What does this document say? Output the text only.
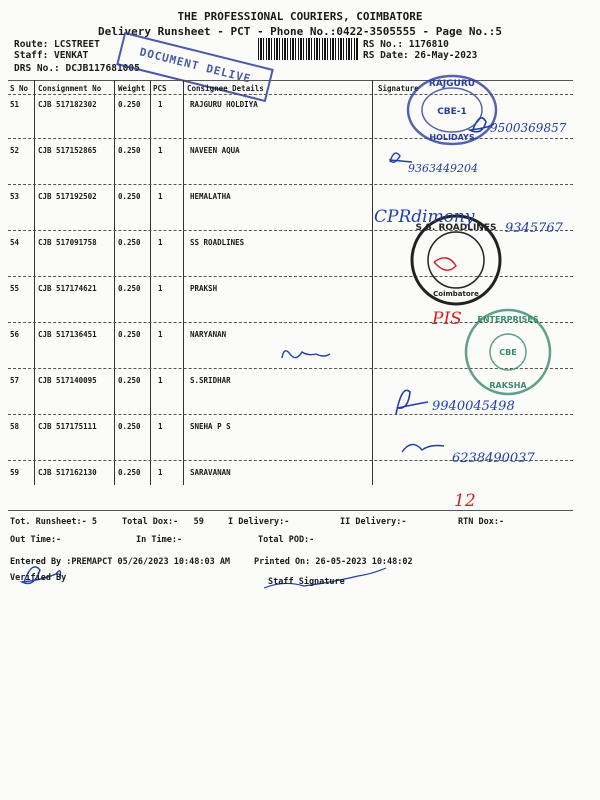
THE PROFESSIONAL COURIERS, COIMBATORE
Delivery Runsheet - PCT - Phone No.:0422-3505555 - Page No.:5
Route: LCSTREET
Staff: VENKAT
DRS No.: DCJB117681005
RS No.: 1176810
RS Date: 26-May-2023
DOCUMENT DELIVE
S No Consignment No Weight PCS	Consignee Details	Signature
51	CJB 517182302	0.250 1	RAJGURU HOLDIYA
52	CJB 517152865	0.250 1	NAVEEN AQUA
53	CJB 517192502	0.250 1	HEMALATHA
54	CJB 517091758	0.250 1	SS ROADLINES
55	CJB 517174621	0.250 1	PRAKSH
56	CJB 517136451	0.250 1	NARYANAN
57	CJB 517140095	0.250 1	S.SRIDHAR
58	CJB 517175111	0.250 1	SNEHA P S
59	CJB 517162130	0.250 1	SARAVANAN
RAJGURU
CBE-1
HOLIDAYS
S.S. ROADLINES
Coimbatore
ENTERPRISES
CBE
RAKSHA
9500369857
9363449204
CPRdimony
9345767
PIS
9940045498
6238490037
12
Tot. Runsheet:- 5	Total Dox:-   59	I Delivery:-	II Delivery:-	RTN Dox:-
Out Time:-	In Time:-	Total POD:-
Entered By :PREMAPCT 05/26/2023 10:48:03 AM	Printed On: 26-05-2023 10:48:02
Verified By	Staff Signature
